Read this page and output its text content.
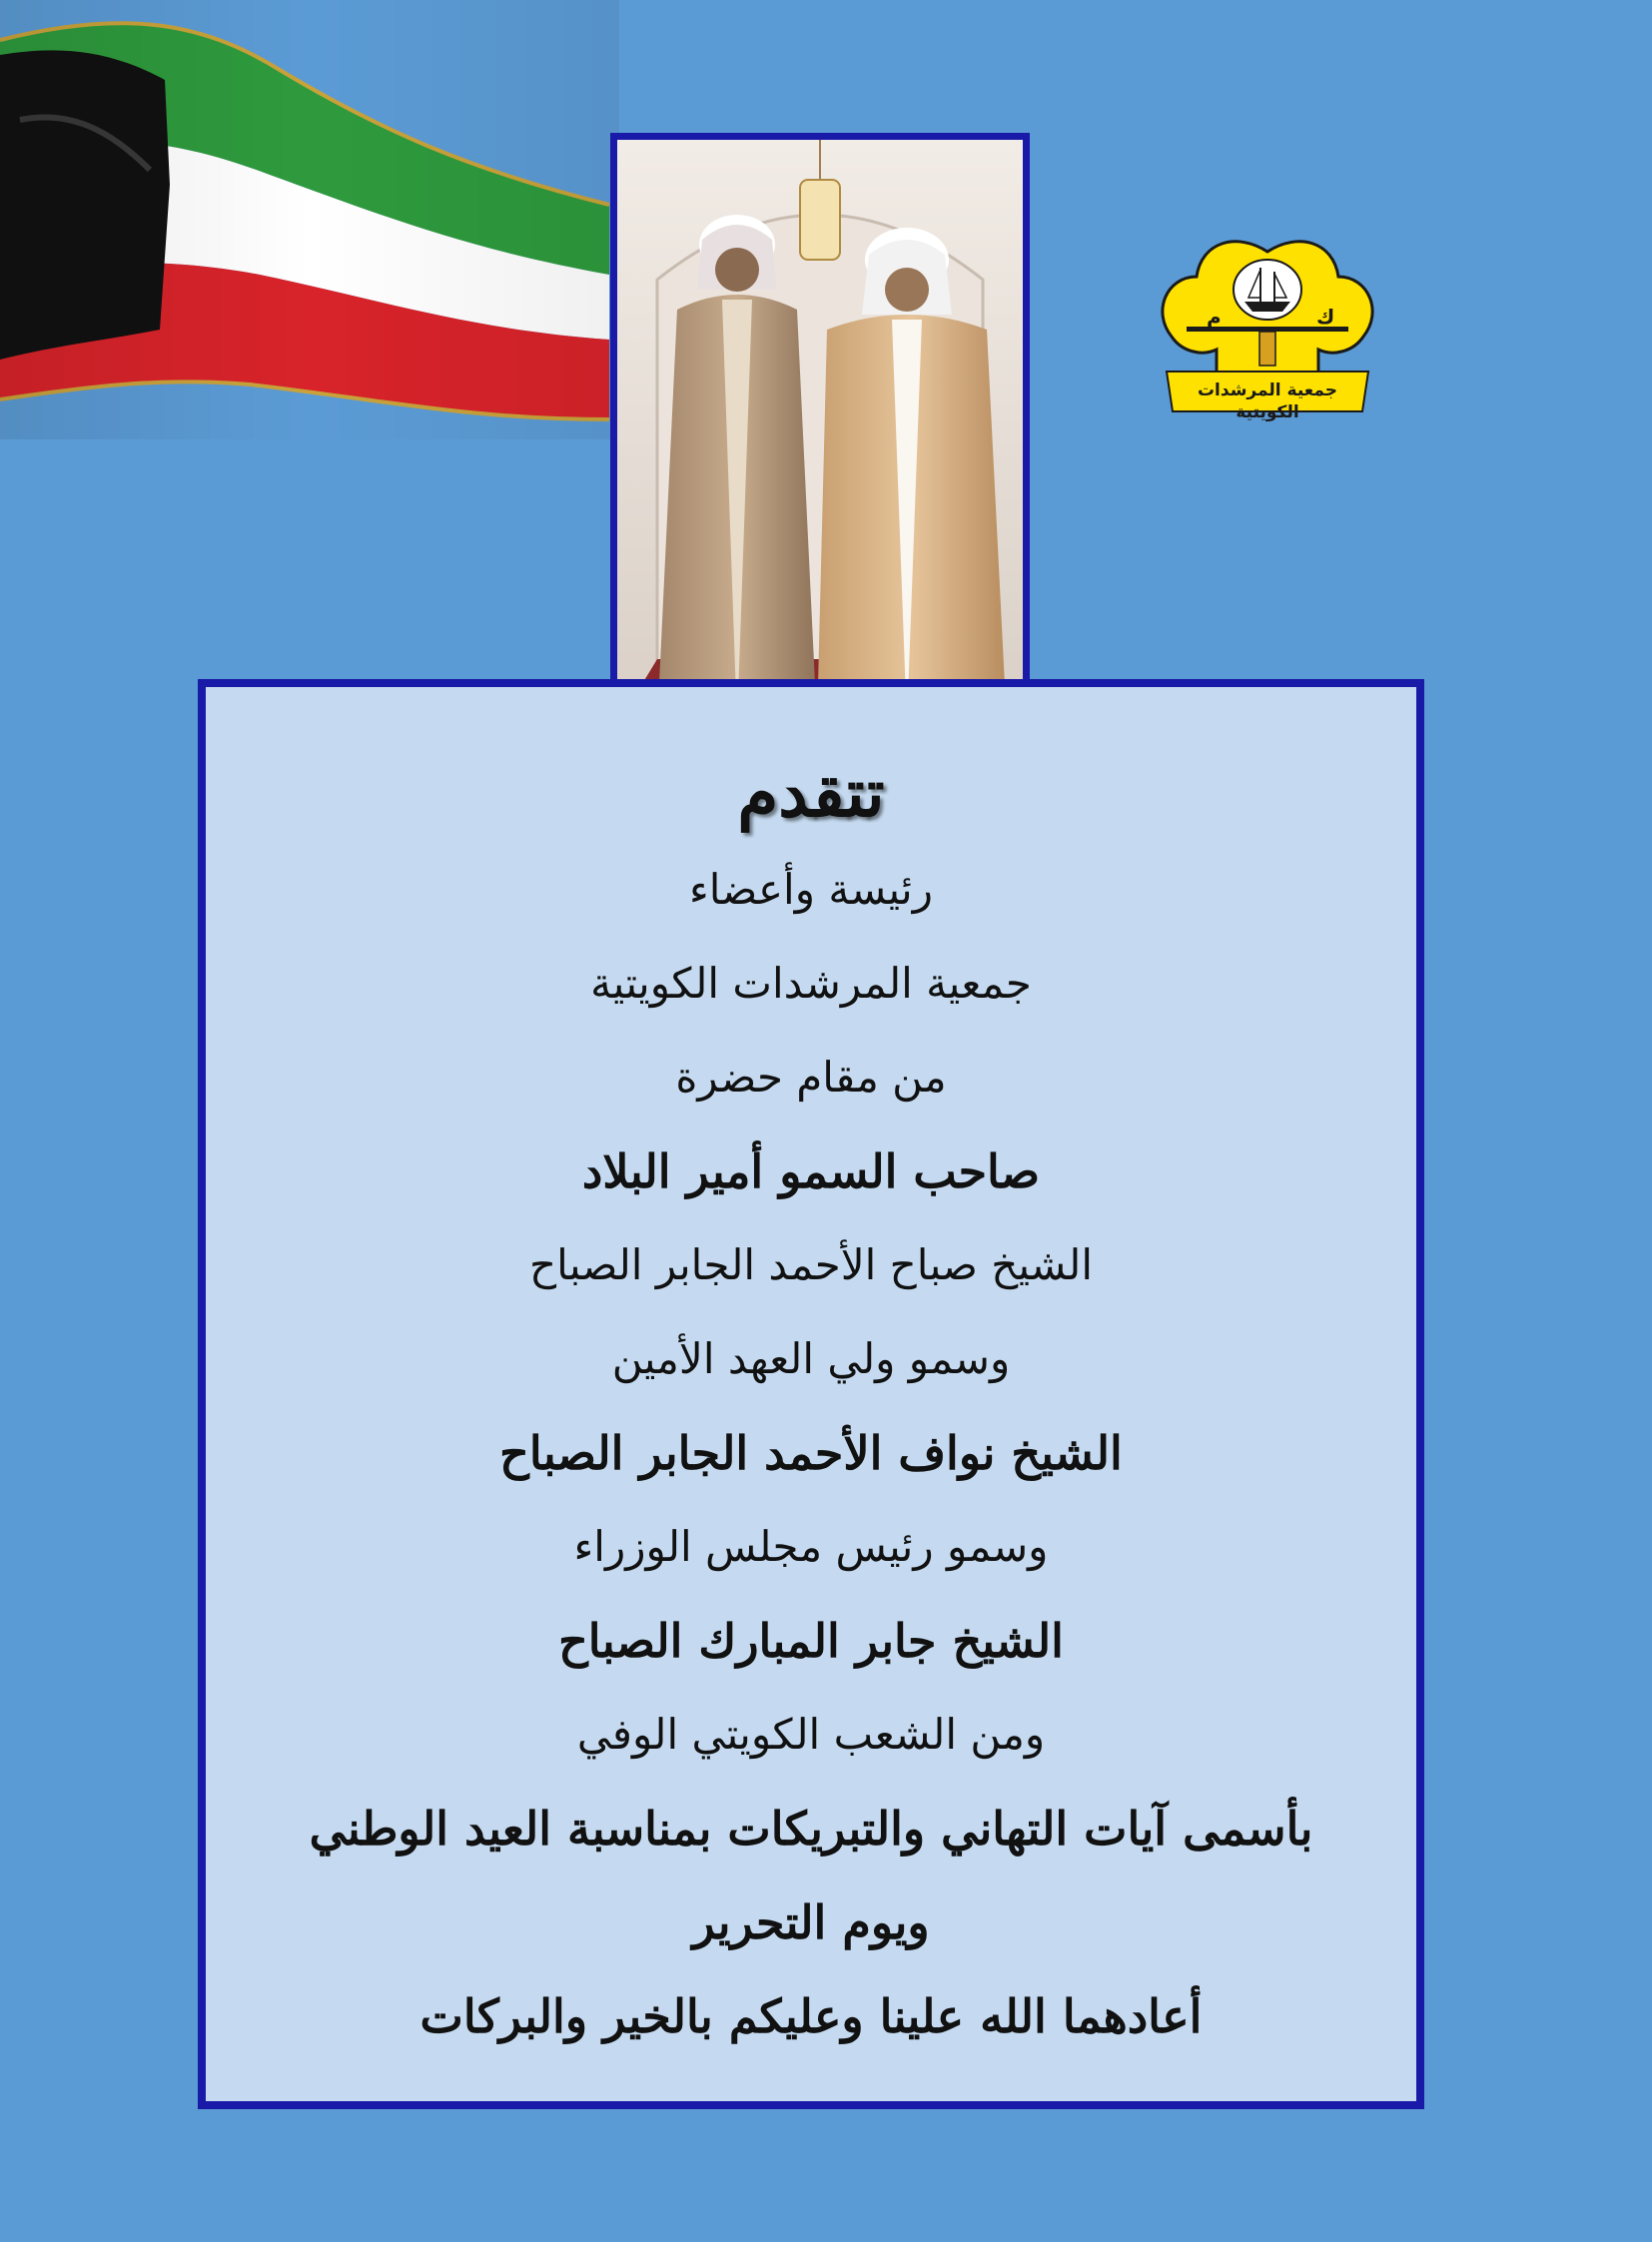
م	ك
جمعية المرشدات الكويتية
تتقدم
رئيسة وأعضاء
جمعية المرشدات الكويتية
من مقام حضرة
صاحب السمو أمير البلاد
الشيخ صباح الأحمد الجابر الصباح
وسمو ولي العهد الأمين
الشيخ نواف الأحمد الجابر الصباح
وسمو رئيس مجلس الوزراء
الشيخ جابر المبارك الصباح
ومن الشعب الكويتي الوفي
بأسمى آيات التهاني والتبريكات بمناسبة العيد الوطني
ويوم التحرير
أعادهما الله علينا وعليكم بالخير والبركات
